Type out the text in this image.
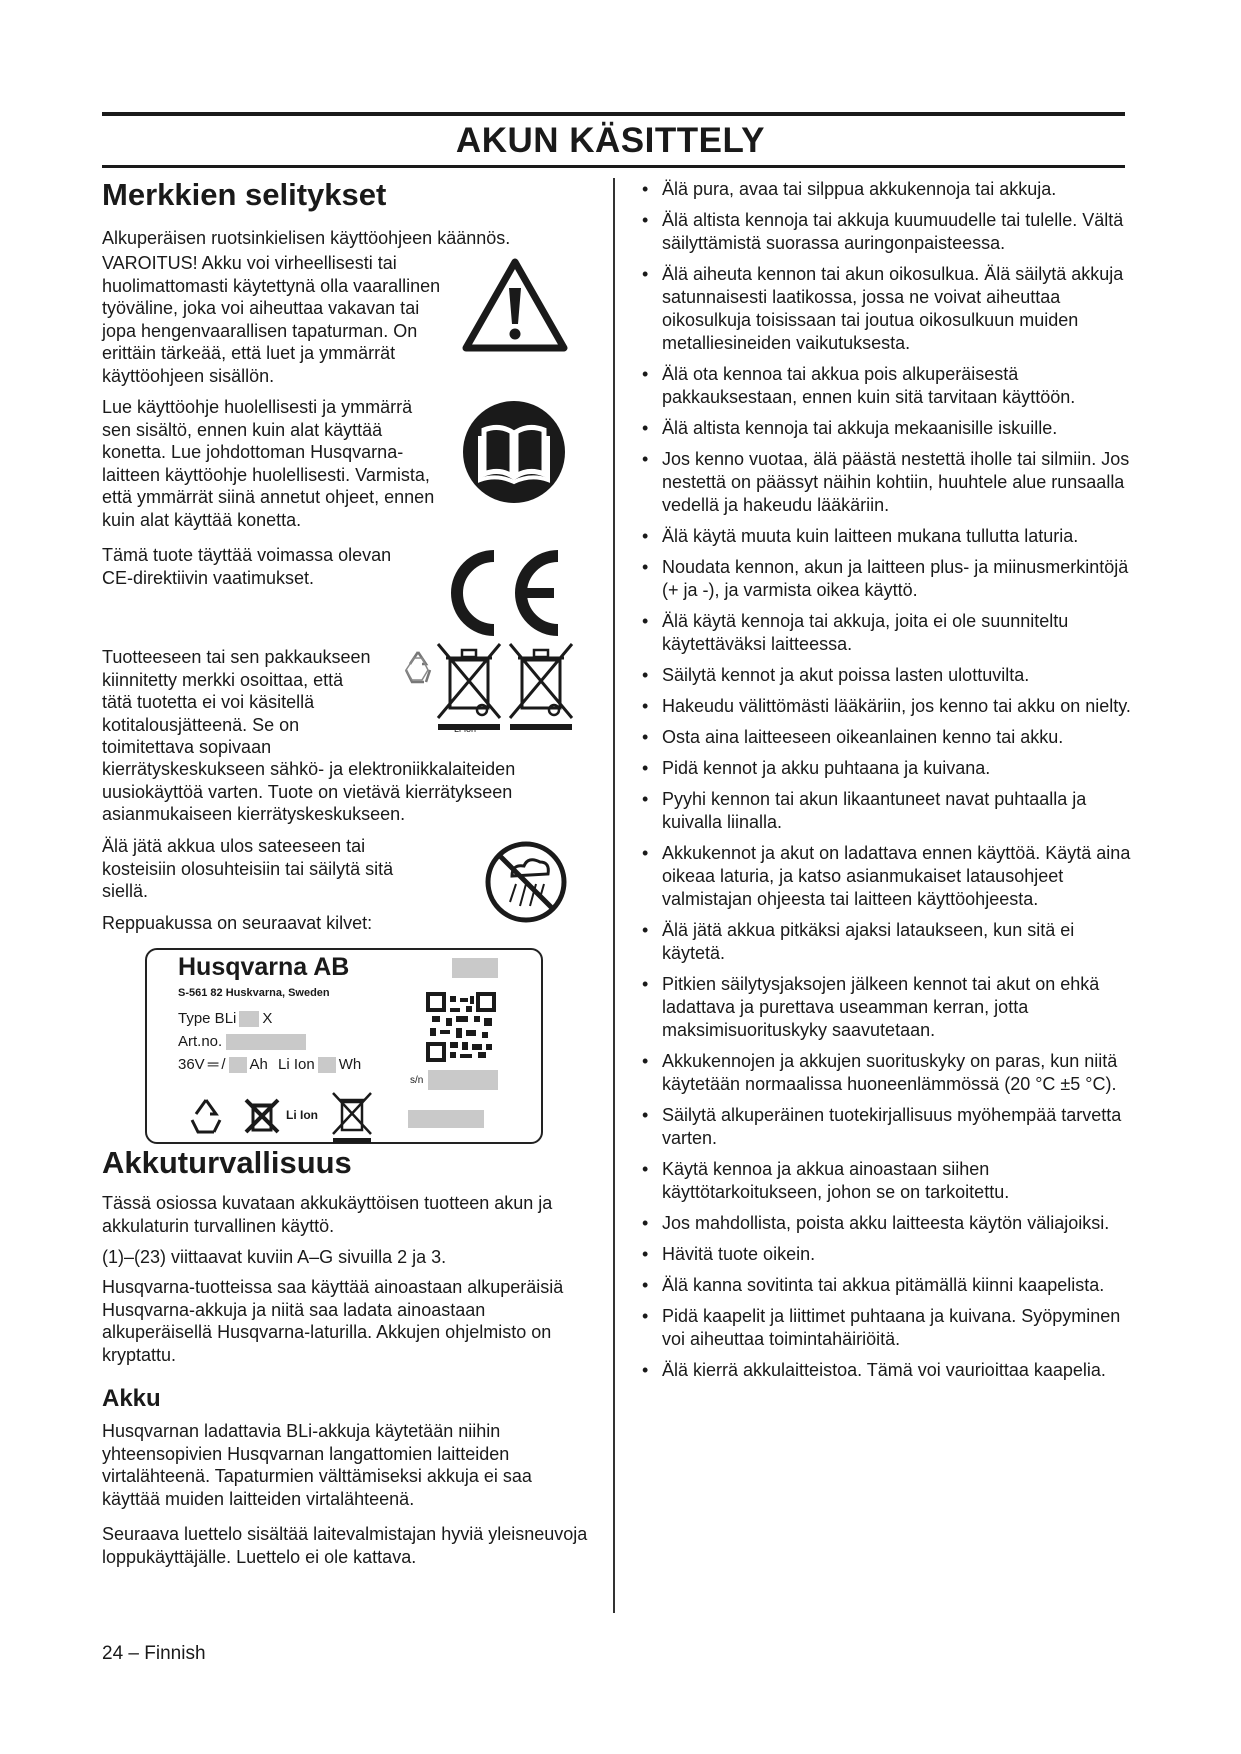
AKUN KÄSITTELY
Merkkien selitykset

Alkuperäisen ruotsinkielisen käyttöohjeen käännös.

VAROITUS! Akku voi virheellisesti tai huolimattomasti käytettynä olla vaarallinen työväline, joka voi aiheuttaa vakavan tai jopa hengenvaarallisen tapaturman. On erittäin tärkeää, että luet ja ymmärrät käyttöohjeen sisällön.

Lue käyttöohje huolellisesti ja ymmärrä sen sisältö, ennen kuin alat käyttää konetta. Lue johdottoman Husqvarna-laitteen käyttöohje huolellisesti. Varmista, että ymmärrät siinä annetut ohjeet, ennen kuin alat käyttää konetta.

Tämä tuote täyttää voimassa olevan CE-direktiivin vaatimukset.

Tuotteeseen tai sen pakkaukseen kiinnitetty merkki osoittaa, että tätä tuotetta ei voi käsitellä kotitalousjätteenä. Se on toimitettava sopivaan

kierrätyskeskukseen sähkö- ja elektroniikkalaiteiden uusiokäyttöä varten. Tuote on vietävä kierrätykseen asianmukaiseen kierrätyskeskukseen.

Älä jätä akkua ulos sateeseen tai kosteisiin olosuhteisiin tai säilytä sitä siellä.

Reppuakussa on seuraavat kilvet:

Li-ion
Husqvarna AB
S-561 82 Huskvarna, Sweden
Type BLi X
Art.no.
36V ═ / Ah Li Ion Wh
s/n
Li Ion
Akkuturvallisuus

Tässä osiossa kuvataan akkukäyttöisen tuotteen akun ja akkulaturin turvallinen käyttö.

(1)–(23) viittaavat kuviin A–G sivuilla 2 ja 3.

Husqvarna-tuotteissa saa käyttää ainoastaan alkuperäisiä Husqvarna-akkuja ja niitä saa ladata ainoastaan alkuperäisellä Husqvarna-laturilla. Akkujen ohjelmisto on kryptattu.

Akku

Husqvarnan ladattavia BLi-akkuja käytetään niihin yhteensopivien Husqvarnan langattomien laitteiden virtalähteenä. Tapaturmien välttämiseksi akkuja ei saa käyttää muiden laitteiden virtalähteenä.

Seuraava luettelo sisältää laitevalmistajan hyviä yleisneuvoja loppukäyttäjälle. Luettelo ei ole kattava.

• Älä pura, avaa tai silppua akkukennoja tai akkuja.
• Älä altista kennoja tai akkuja kuumuudelle tai tulelle. Vältä säilyttämistä suorassa auringonpaisteessa.
• Älä aiheuta kennon tai akun oikosulkua. Älä säilytä akkuja satunnaisesti laatikossa, jossa ne voivat aiheuttaa oikosulkuja toisissaan tai joutua oikosulkuun muiden metalliesineiden vaikutuksesta.
• Älä ota kennoa tai akkua pois alkuperäisestä pakkauksestaan, ennen kuin sitä tarvitaan käyttöön.
• Älä altista kennoja tai akkuja mekaanisille iskuille.
• Jos kenno vuotaa, älä päästä nestettä iholle tai silmiin. Jos nestettä on päässyt näihin kohtiin, huuhtele alue runsaalla vedellä ja hakeudu lääkäriin.
• Älä käytä muuta kuin laitteen mukana tullutta laturia.
• Noudata kennon, akun ja laitteen plus- ja miinusmerkintöjä (+ ja -), ja varmista oikea käyttö.
• Älä käytä kennoja tai akkuja, joita ei ole suunniteltu käytettäväksi laitteessa.
• Säilytä kennot ja akut poissa lasten ulottuvilta.
• Hakeudu välittömästi lääkäriin, jos kenno tai akku on nielty.
• Osta aina laitteeseen oikeanlainen kenno tai akku.
• Pidä kennot ja akku puhtaana ja kuivana.
• Pyyhi kennon tai akun likaantuneet navat puhtaalla ja kuivalla liinalla.
• Akkukennot ja akut on ladattava ennen käyttöä. Käytä aina oikeaa laturia, ja katso asianmukaiset latausohjeet valmistajan ohjeesta tai laitteen käyttöohjeesta.
• Älä jätä akkua pitkäksi ajaksi lataukseen, kun sitä ei käytetä.
• Pitkien säilytysjaksojen jälkeen kennot tai akut on ehkä ladattava ja purettava useamman kerran, jotta maksimisuorituskyky saavutetaan.
• Akkukennojen ja akkujen suorituskyky on paras, kun niitä käytetään normaalissa huoneenlämmössä (20 °C ±5 °C).
• Säilytä alkuperäinen tuotekirjallisuus myöhempää tarvetta varten.
• Käytä kennoa ja akkua ainoastaan siihen käyttötarkoitukseen, johon se on tarkoitettu.
• Jos mahdollista, poista akku laitteesta käytön väliajoiksi.
• Hävitä tuote oikein.
• Älä kanna sovitinta tai akkua pitämällä kiinni kaapelista.
• Pidä kaapelit ja liittimet puhtaana ja kuivana. Syöpyminen voi aiheuttaa toimintahäiriöitä.
• Älä kierrä akkulaitteistoa. Tämä voi vaurioittaa kaapelia.
24 – Finnish
